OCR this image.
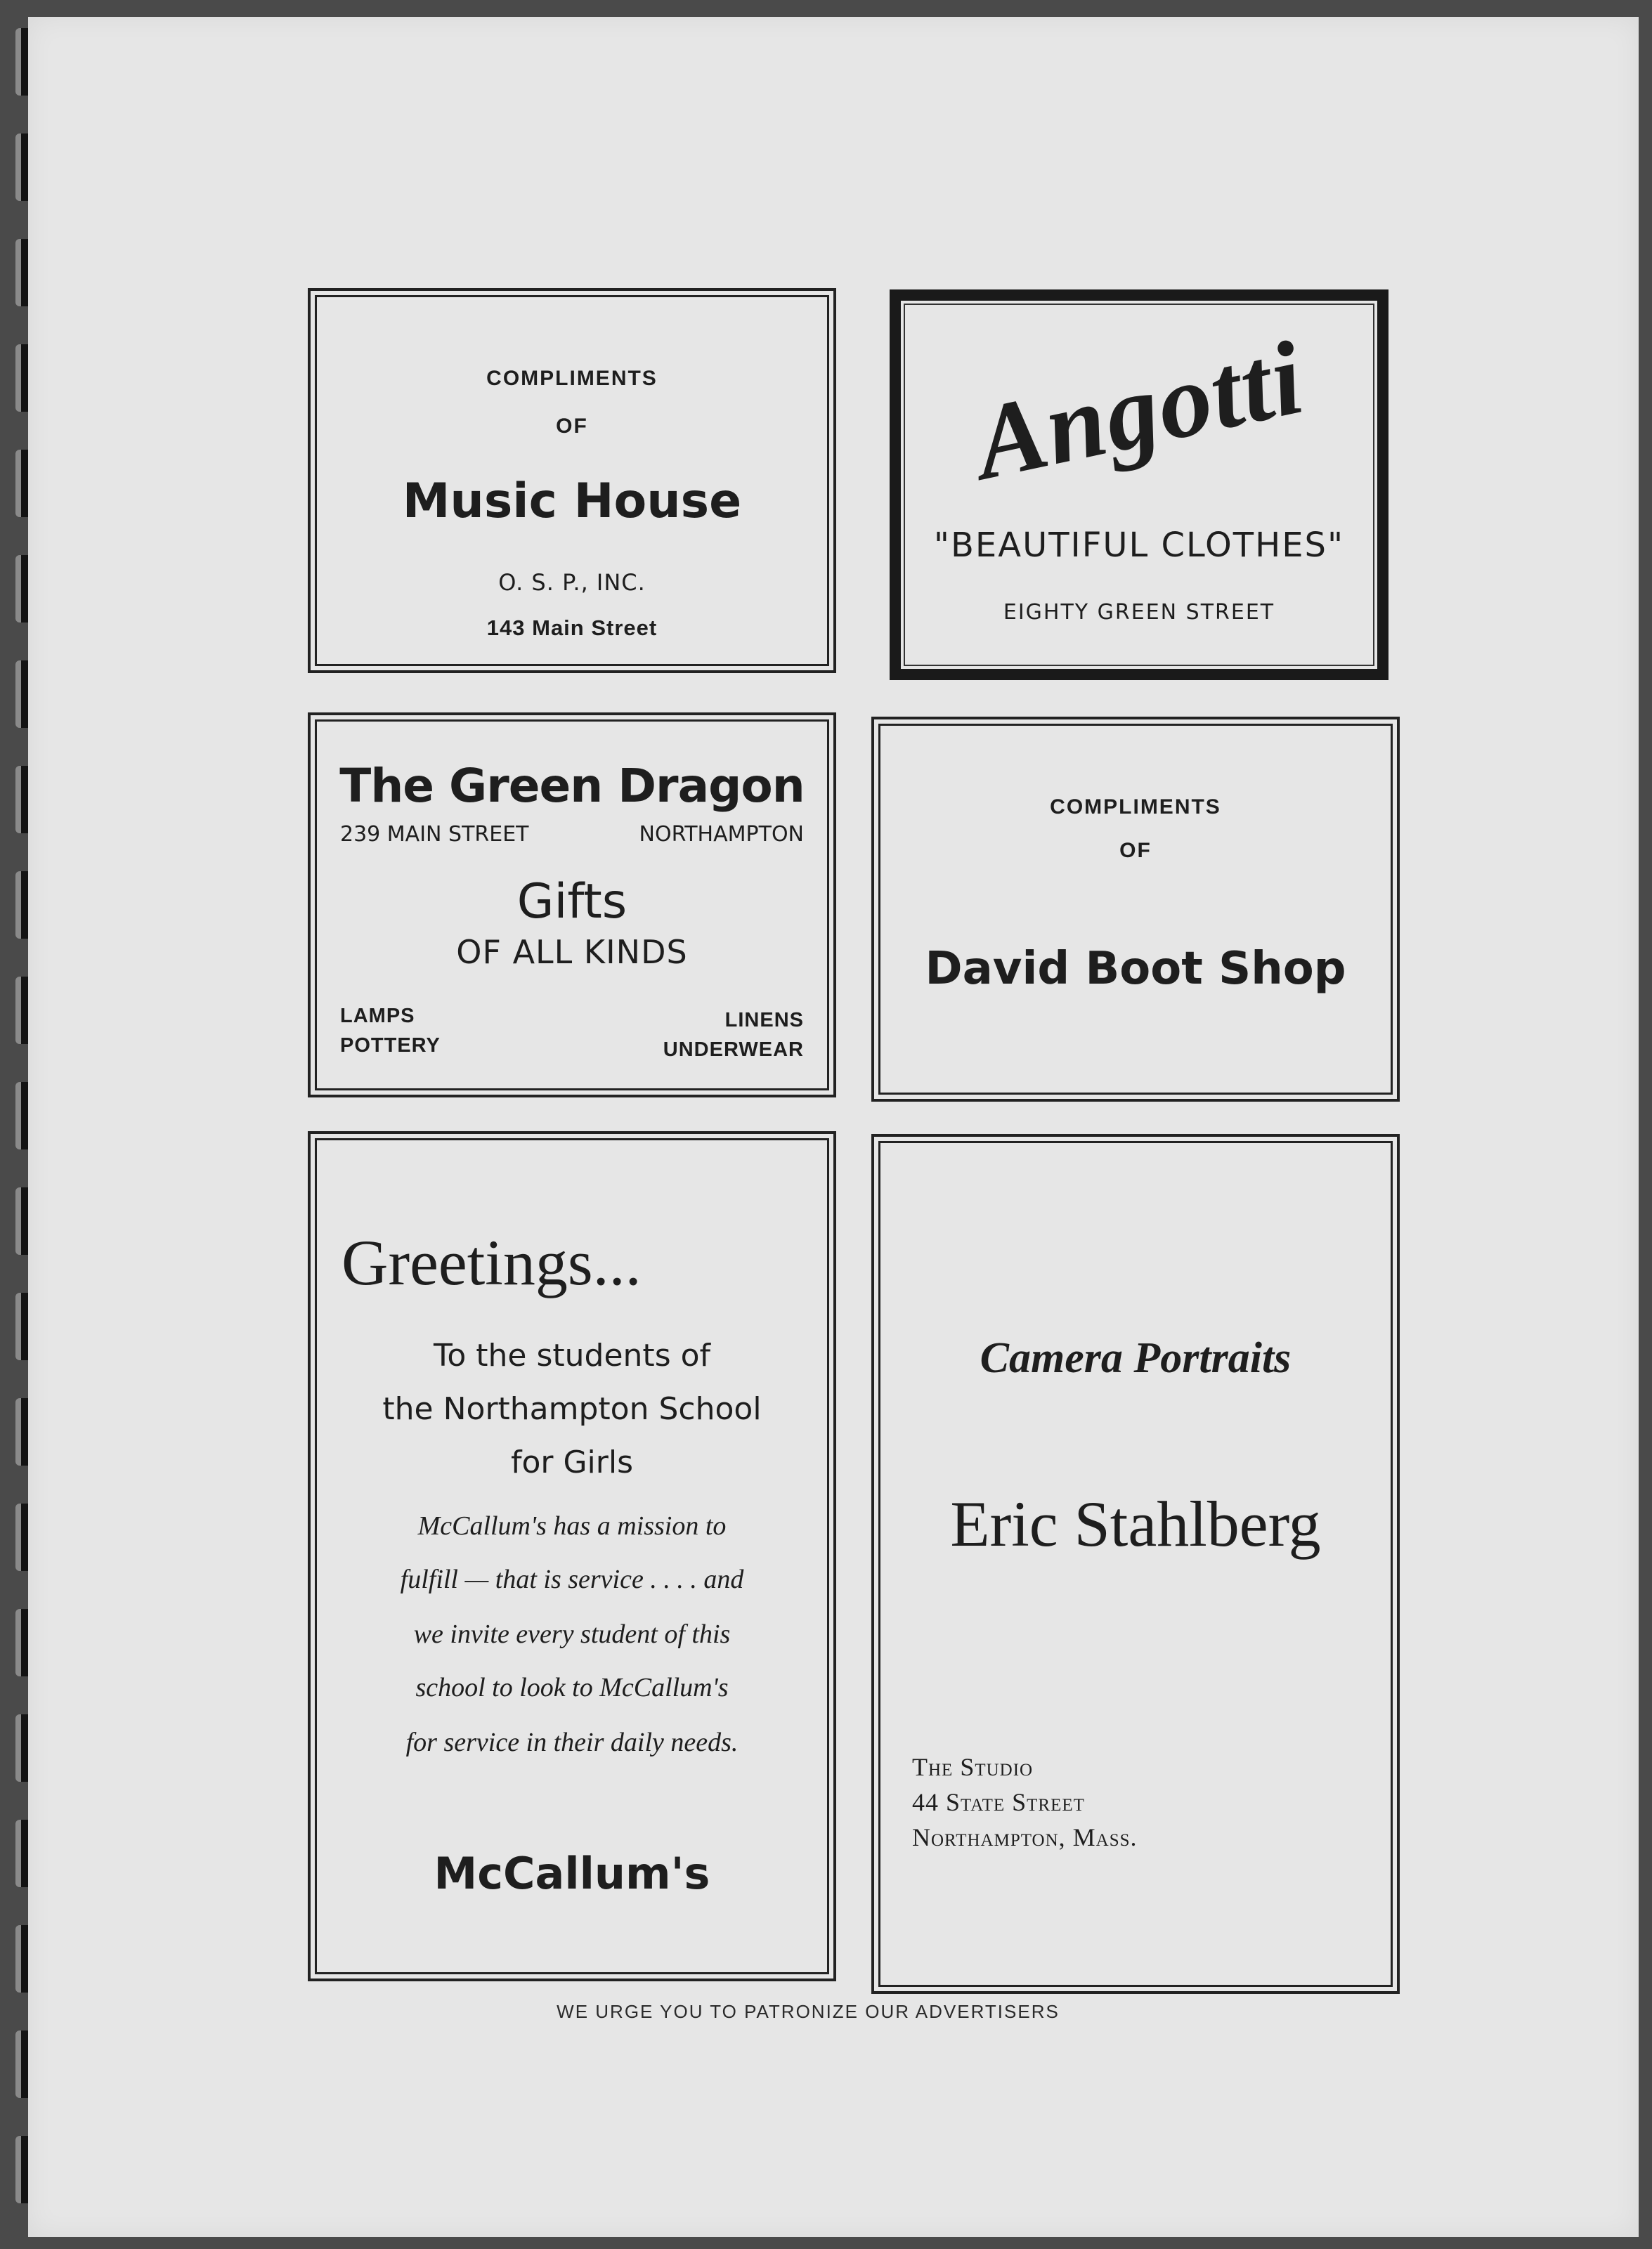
COMPLIMENTS
OF
Music House
O. S. P., INC.
143 Main Street
Angotti
"BEAUTIFUL CLOTHES"
EIGHTY GREEN STREET
The Green Dragon
239 MAIN STREET	NORTHAMPTON
Gifts
OF ALL KINDS
LAMPS
POTTERY
LINENS
UNDERWEAR
COMPLIMENTS
OF
David Boot Shop
Greetings...
To the students of
the Northampton School
for Girls
McCallum's has a mission to
fulfill — that is service . . . . and
we invite every student of this
school to look to McCallum's
for service in their daily needs.
McCallum's
Camera Portraits
Eric Stahlberg
The Studio
44 State Street
Northampton, Mass.
WE URGE YOU TO PATRONIZE OUR ADVERTISERS
